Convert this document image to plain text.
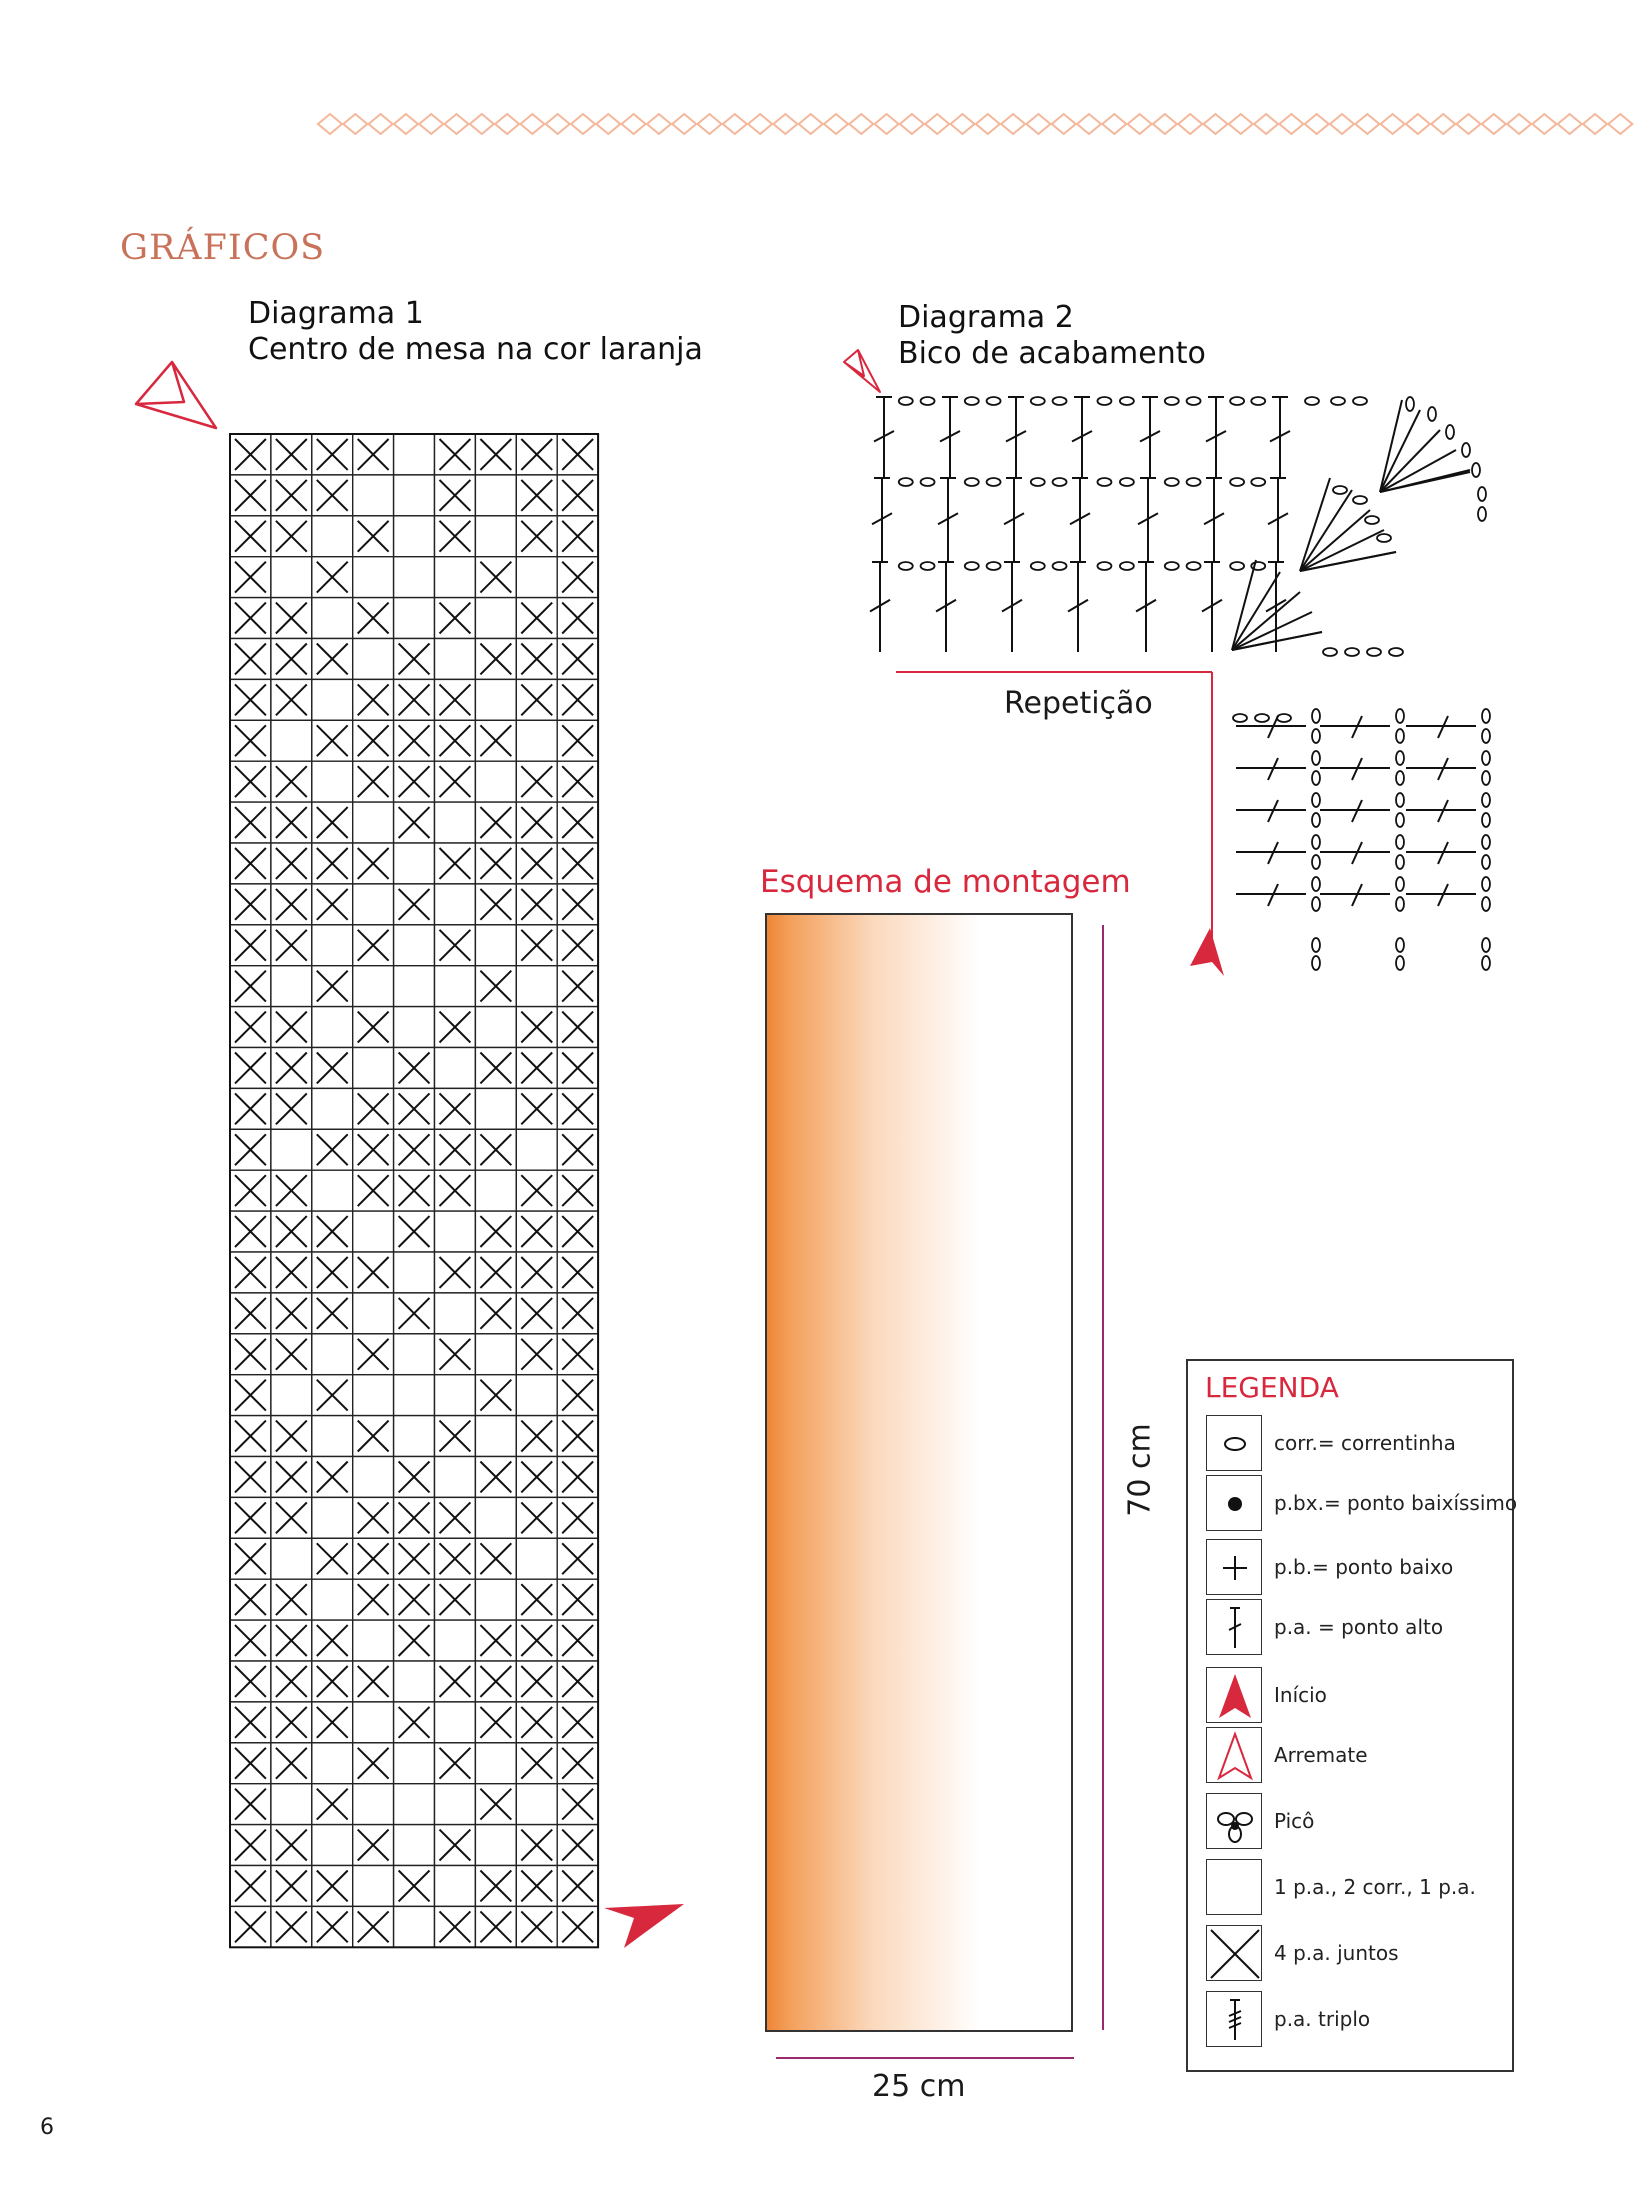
GRÁFICOS
Diagrama 1
Centro de mesa na cor laranja
Diagrama 2
Bico de acabamento
Repetição
Esquema de montagem
25 cm
70 cm
LEGENDA
corr.= correntinha
p.bx.= ponto baixíssimo
p.b.= ponto baixo
p.a. = ponto alto
Início
Arremate
Picô
1 p.a., 2 corr., 1 p.a.
4 p.a. juntos
p.a. triplo
6
